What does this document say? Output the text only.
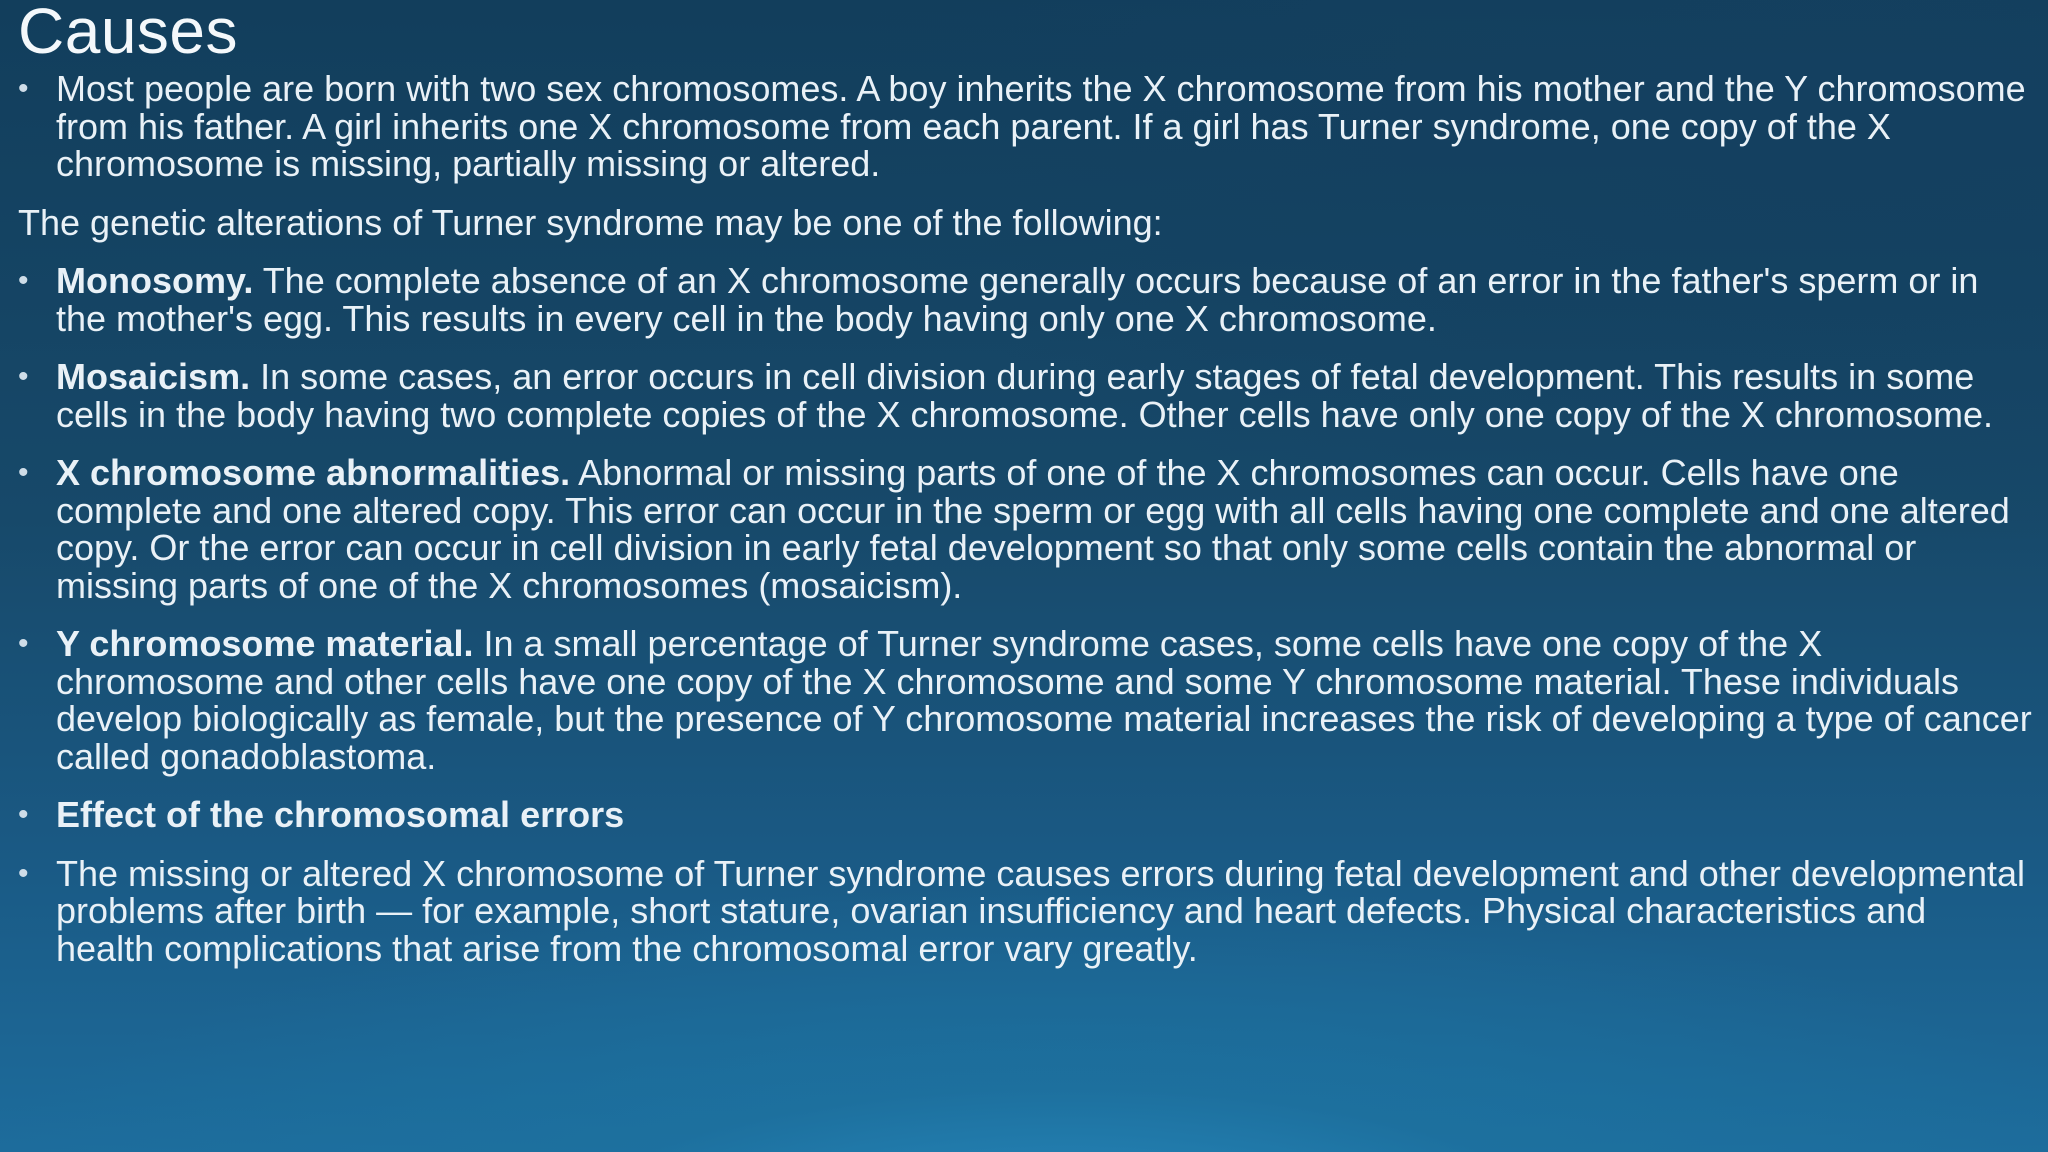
Causes
• Most people are born with two sex chromosomes. A boy inherits the X chromosome from his mother and the Y chromosome from his father. A girl inherits one X chromosome from each parent. If a girl has Turner syndrome, one copy of the X chromosome is missing, partially missing or altered.
The genetic alterations of Turner syndrome may be one of the following:
• Monosomy. The complete absence of an X chromosome generally occurs because of an error in the father's sperm or in the mother's egg. This results in every cell in the body having only one X chromosome.
• Mosaicism. In some cases, an error occurs in cell division during early stages of fetal development. This results in some cells in the body having two complete copies of the X chromosome. Other cells have only one copy of the X chromosome.
• X chromosome abnormalities. Abnormal or missing parts of one of the X chromosomes can occur. Cells have one complete and one altered copy. This error can occur in the sperm or egg with all cells having one complete and one altered copy. Or the error can occur in cell division in early fetal development so that only some cells contain the abnormal or missing parts of one of the X chromosomes (mosaicism).
• Y chromosome material. In a small percentage of Turner syndrome cases, some cells have one copy of the X chromosome and other cells have one copy of the X chromosome and some Y chromosome material. These individuals develop biologically as female, but the presence of Y chromosome material increases the risk of developing a type of cancer called gonadoblastoma.
• Effect of the chromosomal errors
• The missing or altered X chromosome of Turner syndrome causes errors during fetal development and other developmental problems after birth — for example, short stature, ovarian insufficiency and heart defects. Physical characteristics and health complications that arise from the chromosomal error vary greatly.
